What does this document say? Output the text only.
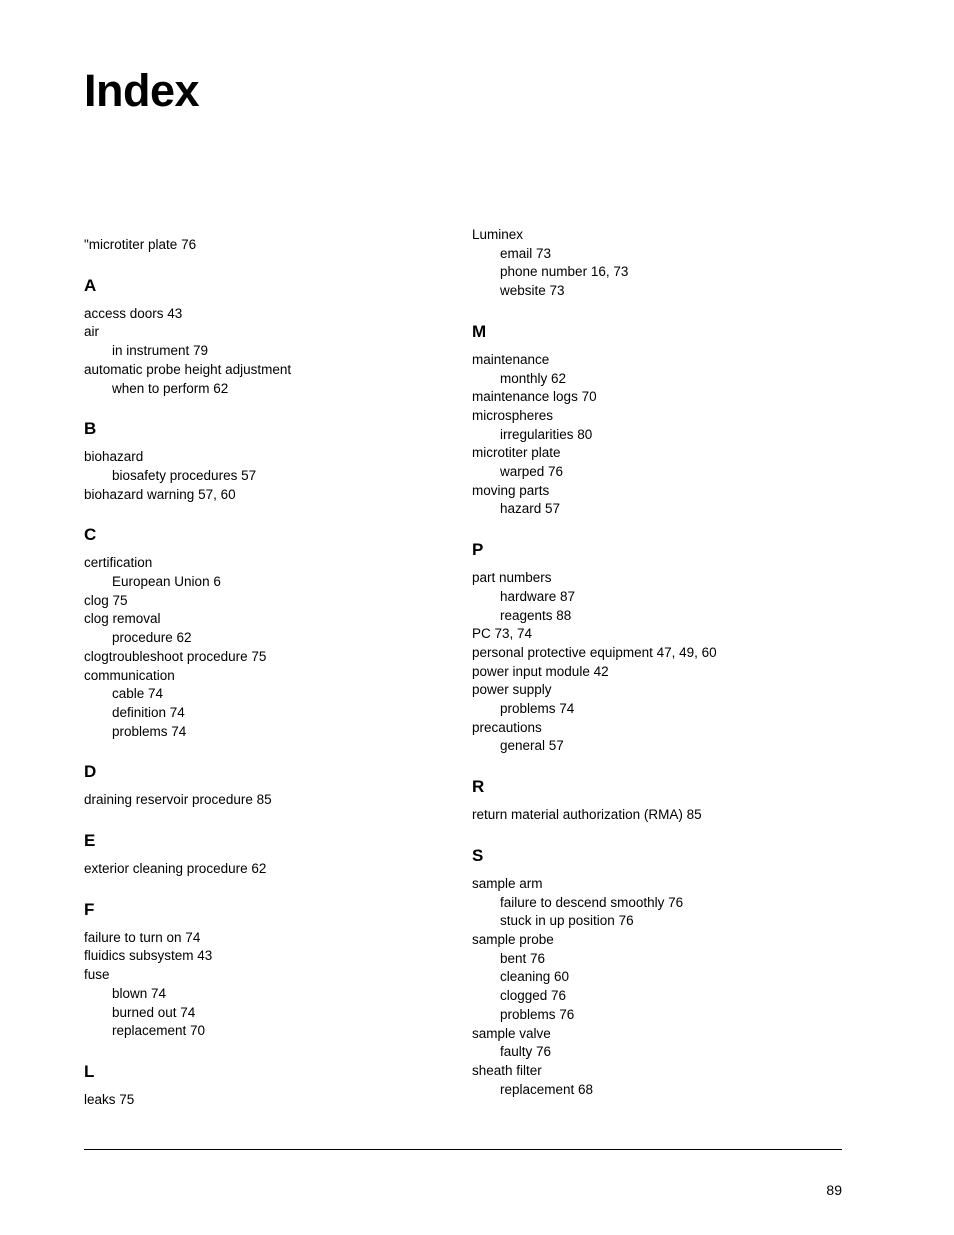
Index
"microtiter plate 76
A
access doors 43
air
in instrument 79
automatic probe height adjustment
when to perform 62
B
biohazard
biosafety procedures 57
biohazard warning 57, 60
C
certification
European Union 6
clog 75
clog removal
procedure 62
clogtroubleshoot procedure 75
communication
cable 74
definition 74
problems 74
D
draining reservoir procedure 85
E
exterior cleaning procedure 62
F
failure to turn on 74
fluidics subsystem 43
fuse
blown 74
burned out 74
replacement 70
L
leaks 75
Luminex
email 73
phone number 16, 73
website 73
M
maintenance
monthly 62
maintenance logs 70
microspheres
irregularities 80
microtiter plate
warped 76
moving parts
hazard 57
P
part numbers
hardware 87
reagents 88
PC 73, 74
personal protective equipment 47, 49, 60
power input module 42
power supply
problems 74
precautions
general 57
R
return material authorization (RMA) 85
S
sample arm
failure to descend smoothly 76
stuck in up position 76
sample probe
bent 76
cleaning 60
clogged 76
problems 76
sample valve
faulty 76
sheath filter
replacement 68
89
